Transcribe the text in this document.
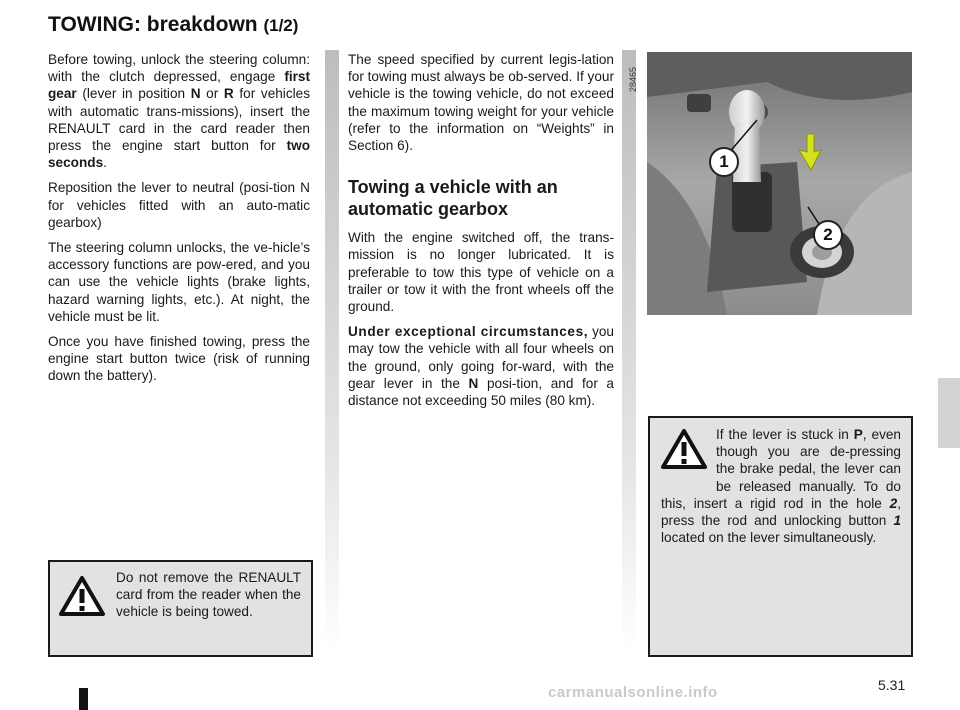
TOWING: breakdown (1/2)

Before towing, unlock the steering column: with the clutch depressed, engage first gear (lever in position N or R for vehicles with automatic trans-missions), insert the RENAULT card in the card reader then press the engine start button for two seconds.

Reposition the lever to neutral (posi-tion N for vehicles fitted with an auto-matic gearbox)

The steering column unlocks, the ve-hicle’s accessory functions are pow-ered, and you can use the vehicle lights (brake lights, hazard warning lights, etc.). At night, the vehicle must be lit.

Once you have finished towing, press the engine start button twice (risk of running down the battery).

The speed specified by current legis-lation for towing must always be ob-served. If your vehicle is the towing vehicle, do not exceed the maximum towing weight for your vehicle (refer to the information on “Weights” in Section 6).

Towing a vehicle with an automatic gearbox

With the engine switched off, the trans-mission is no longer lubricated. It is preferable to tow this type of vehicle on a trailer or tow it with the front wheels off the ground.

Under exceptional circumstances, you may tow the vehicle with all four wheels on the ground, only going for-ward, with the gear lever in the N posi-tion, and for a distance not exceeding 50 miles (80 km).

28465
1
2
Do not remove the RENAULT card from the reader when the vehicle is being towed.
If the lever is stuck in P, even though you are de-pressing the brake pedal, the lever can be released manually. To do this, insert a rigid rod in the hole 2, press the rod and unlocking button 1 located on the lever simultaneously.
5.31
carmanualsonline.info
